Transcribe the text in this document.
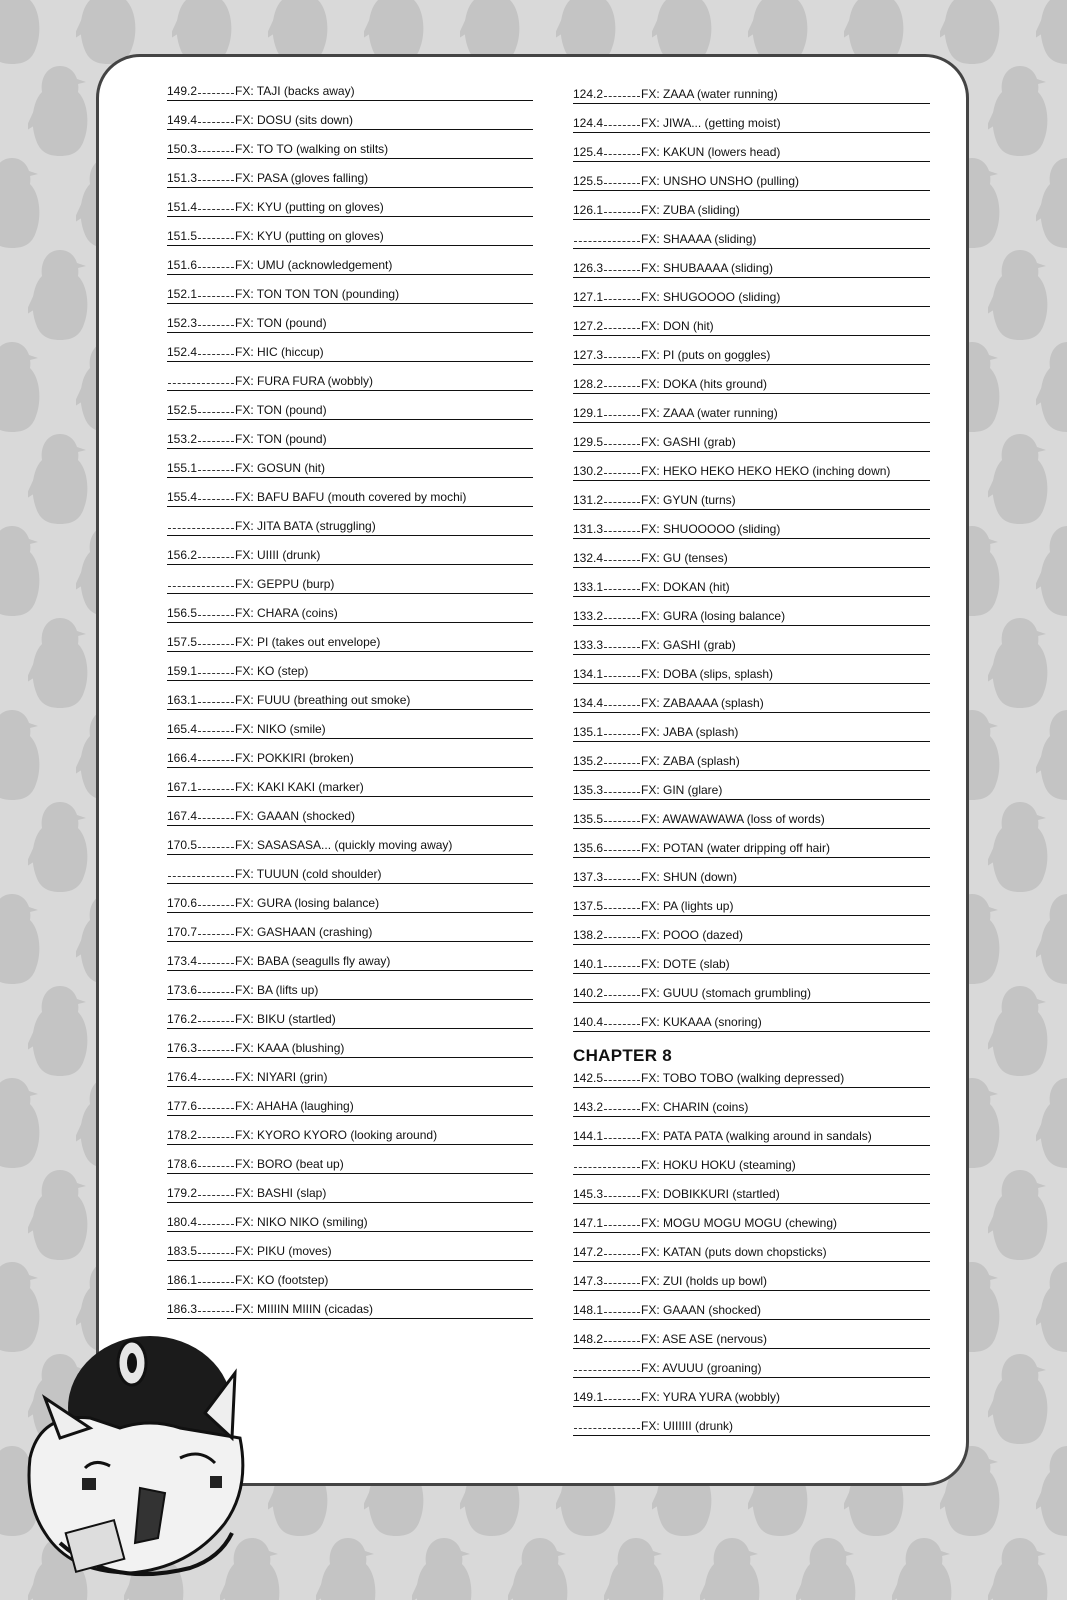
149.2	FX: TAJI (backs away)
149.4	FX: DOSU (sits down)
150.3	FX: TO TO (walking on stilts)
151.3	FX: PASA (gloves falling)
151.4	FX: KYU (putting on gloves)
151.5	FX: KYU (putting on gloves)
151.6	FX: UMU (acknowledgement)
152.1	FX: TON TON TON (pounding)
152.3	FX: TON (pound)
152.4	FX: HIC (hiccup)
FX: FURA FURA (wobbly)
152.5	FX: TON (pound)
153.2	FX: TON (pound)
155.1	FX: GOSUN (hit)
155.4	FX: BAFU BAFU (mouth covered by mochi)
FX: JITA BATA (struggling)
156.2	FX: UIIII (drunk)
FX: GEPPU (burp)
156.5	FX: CHARA (coins)
157.5	FX: PI (takes out envelope)
159.1	FX: KO (step)
163.1	FX: FUUU (breathing out smoke)
165.4	FX: NIKO (smile)
166.4	FX: POKKIRI (broken)
167.1	FX: KAKI KAKI (marker)
167.4	FX: GAAAN (shocked)
170.5	FX: SASASASA... (quickly moving away)
FX: TUUUN (cold shoulder)
170.6	FX: GURA (losing balance)
170.7	FX: GASHAAN (crashing)
173.4	FX: BABA (seagulls fly away)
173.6	FX: BA (lifts up)
176.2	FX: BIKU (startled)
176.3	FX: KAAA (blushing)
176.4	FX: NIYARI (grin)
177.6	FX: AHAHA (laughing)
178.2	FX: KYORO KYORO (looking around)
178.6	FX: BORO (beat up)
179.2	FX: BASHI (slap)
180.4	FX: NIKO NIKO (smiling)
183.5	FX: PIKU (moves)
186.1	FX: KO (footstep)
186.3	FX: MIIIIN MIIIN (cicadas)
124.2	FX: ZAAA (water running)
124.4	FX: JIWA... (getting moist)
125.4	FX: KAKUN (lowers head)
125.5	FX: UNSHO UNSHO (pulling)
126.1	FX: ZUBA (sliding)
FX: SHAAAA (sliding)
126.3	FX: SHUBAAAA (sliding)
127.1	FX: SHUGOOOO (sliding)
127.2	FX: DON (hit)
127.3	FX: PI (puts on goggles)
128.2	FX: DOKA (hits ground)
129.1	FX: ZAAA (water running)
129.5	FX: GASHI (grab)
130.2	FX: HEKO HEKO HEKO HEKO (inching down)
131.2	FX: GYUN (turns)
131.3	FX: SHUOOOOO (sliding)
132.4	FX: GU (tenses)
133.1	FX: DOKAN (hit)
133.2	FX: GURA (losing balance)
133.3	FX: GASHI (grab)
134.1	FX: DOBA (slips, splash)
134.4	FX: ZABAAAA (splash)
135.1	FX: JABA (splash)
135.2	FX: ZABA (splash)
135.3	FX: GIN (glare)
135.5	FX: AWAWAWAWA (loss of words)
135.6	FX: POTAN (water dripping off hair)
137.3	FX: SHUN (down)
137.5	FX: PA (lights up)
138.2	FX: POOO (dazed)
140.1	FX: DOTE (slab)
140.2	FX: GUUU (stomach grumbling)
140.4	FX: KUKAAA (snoring)
CHAPTER 8
142.5	FX: TOBO TOBO (walking depressed)
143.2	FX: CHARIN (coins)
144.1	FX: PATA PATA (walking around in sandals)
FX: HOKU HOKU (steaming)
145.3	FX: DOBIKKURI (startled)
147.1	FX: MOGU MOGU MOGU (chewing)
147.2	FX: KATAN (puts down chopsticks)
147.3	FX: ZUI (holds up bowl)
148.1	FX: GAAAN (shocked)
148.2	FX: ASE ASE (nervous)
FX: AVUUU (groaning)
149.1	FX: YURA YURA (wobbly)
FX: UIIIIII (drunk)
